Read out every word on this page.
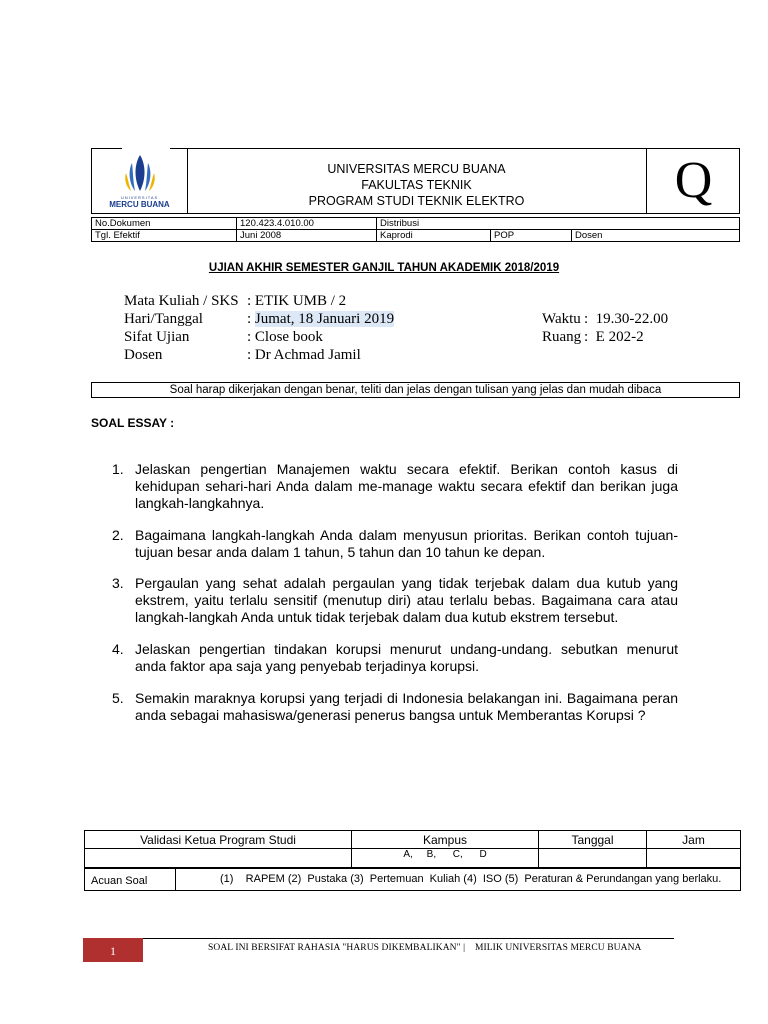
UNIVERSITAS
MERCU BUANA
UNIVERSITAS MERCU BUANA
FAKULTAS TEKNIK
PROGRAM STUDI TEKNIK ELEKTRO	Q
No.Dokumen	120.423.4.010.00	Distribusi		
Tgl. Efektif	Juni 2008	Kaprodi	POP	Dosen
UJIAN AKHIR SEMESTER GANJIL TAHUN AKADEMIK 2018/2019
Mata Kuliah / SKS : ETIK UMB / 2
Hari/Tanggal	: Jumat, 18 Januari 2019
Sifat Ujian	: Close book
Dosen	: Dr Achmad Jamil
Waktu :  19.30-22.00
Ruang :  E 202-2
Soal harap dikerjakan dengan benar, teliti dan jelas dengan tulisan yang jelas dan mudah dibaca
SOAL ESSAY :
1. Jelaskan pengertian Manajemen waktu secara efektif. Berikan contoh kasus di kehidupan sehari-hari Anda dalam me-manage waktu secara efektif dan berikan juga langkah-langkahnya.
2. Bagaimana langkah-langkah Anda dalam menyusun prioritas. Berikan contoh tujuan-tujuan besar anda dalam 1 tahun, 5 tahun dan 10 tahun ke depan.
3. Pergaulan yang sehat adalah pergaulan yang tidak terjebak dalam dua kutub yang ekstrem, yaitu terlalu sensitif (menutup diri) atau terlalu bebas. Bagaimana cara atau langkah-langkah Anda untuk tidak terjebak dalam dua kutub ekstrem tersebut.
4. Jelaskan pengertian tindakan korupsi menurut undang-undang. sebutkan menurut anda faktor apa saja yang penyebab terjadinya korupsi.
5. Semakin maraknya korupsi yang terjadi di Indonesia belakangan ini. Bagaimana peran anda sebagai mahasiswa/generasi penerus bangsa untuk Memberantas Korupsi ?
Validasi Ketua Program Studi	Kampus	Tanggal	Jam
	A,     B,      C,      D		
Acuan Soal	(1)    RAPEM (2)  Pustaka (3)  Pertemuan  Kuliah (4)  ISO (5)  Peraturan & Perundangan yang berlaku.
1	SOAL INI BERSIFAT RAHASIA "HARUS DIKEMBALIKAN" |    MILIK UNIVERSITAS MERCU BUANA
